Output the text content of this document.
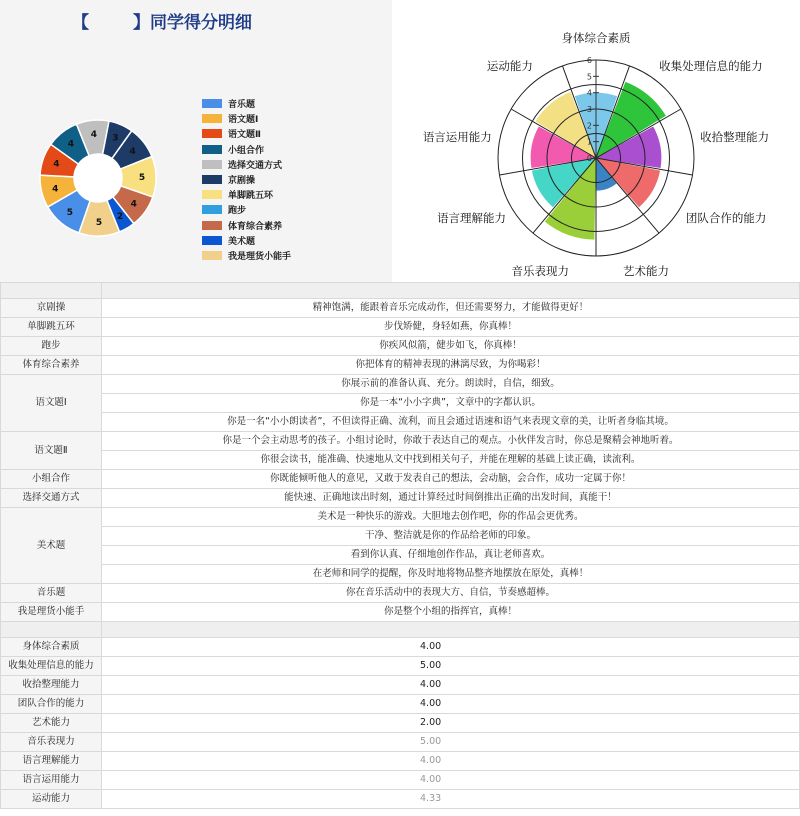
【	】同学得分明细
4
5
4
2
5
5
4
4
4
4 3
音乐题
语文题Ⅰ
语文题Ⅱ
小组合作
选择交通方式
京剧操
单脚跳五环
跑步
体育综合素养
美术题
我是理货小能手
0
1
2
3
4
5
6
身体综合素质
收集处理信息的能力
收拾整理能力
团队合作的能力
艺术能力
音乐表现力
语言理解能力
语言运用能力
运动能力

京剧操	精神饱满，能跟着音乐完成动作，但还需要努力，才能做得更好！
单脚跳五环	步伐矫健，身轻如燕，你真棒！
跑步	你疾风似箭，健步如飞，你真棒！
体育综合素养	你把体育的精神表现的淋漓尽致，为你喝彩！
语文题Ⅰ	你展示前的准备认真、充分。朗读时，自信，细致。
	你是一本“小小字典”，文章中的字都认识。
	你是一名“小小朗读者”，不但读得正确、流利，而且会通过语速和语气来表现文章的美，让听者身临其境。
语文题Ⅱ	你是一个会主动思考的孩子。小组讨论时，你敢于表达自己的观点。小伙伴发言时，你总是聚精会神地听着。
	你很会读书，能准确、快速地从文中找到相关句子，并能在理解的基础上读正确，读流利。
小组合作	你既能倾听他人的意见，又敢于发表自己的想法，会动脑，会合作，成功一定属于你！
选择交通方式	能快速、正确地读出时刻，通过计算经过时间倒推出正确的出发时间，真能干！
美术题	美术是一种快乐的游戏。大胆地去创作吧，你的作品会更优秀。
	干净、整洁就是你的作品给老师的印象。
	看到你认真、仔细地创作作品，真让老师喜欢。
	在老师和同学的提醒，你及时地将物品整齐地摆放在原处，真棒！
音乐题	你在音乐活动中的表现大方、自信，节奏感超棒。
我是理货小能手	你是整个小组的指挥官，真棒！

身体综合素质	4.00
收集处理信息的能力	5.00
收拾整理能力	4.00
团队合作的能力	4.00
艺术能力	2.00
音乐表现力	5.00
语言理解能力	4.00
语言运用能力	4.00
运动能力	4.33
